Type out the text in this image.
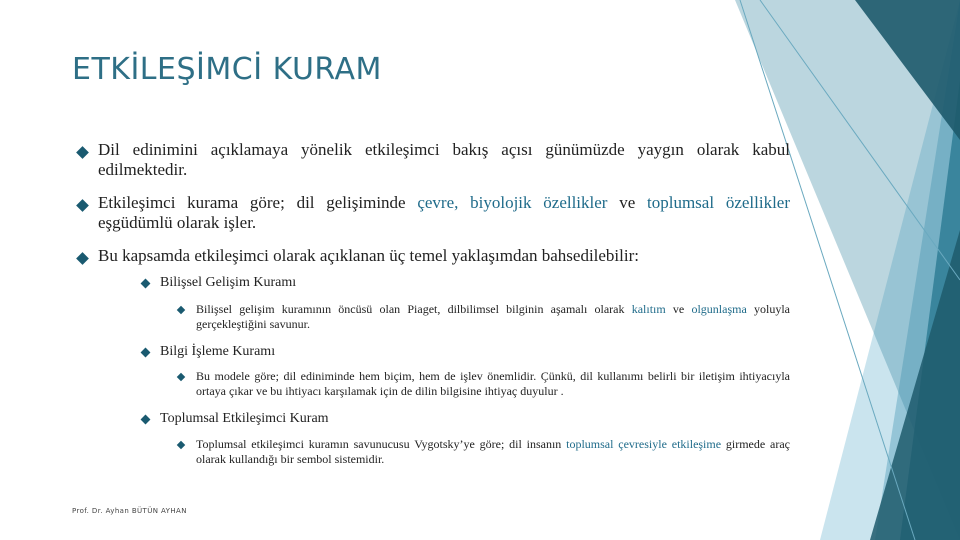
ETKİLEŞİMCİ KURAM
Dil edinimini açıklamaya yönelik etkileşimci bakış açısı günümüzde yaygın olarak kabul edilmektedir.
Etkileşimci kurama göre; dil gelişiminde çevre, biyolojik özellikler ve toplumsal özellikler eşgüdümlü olarak işler.
Bu kapsamda etkileşimci olarak açıklanan üç temel yaklaşımdan bahsedilebilir:
Bilişsel Gelişim Kuramı
Bilişsel gelişim kuramının öncüsü olan Piaget, dilbilimsel bilginin aşamalı olarak kalıtım ve olgunlaşma yoluyla gerçekleştiğini savunur.
Bilgi İşleme Kuramı
Bu modele göre; dil ediniminde hem biçim, hem de işlev önemlidir. Çünkü, dil kullanımı belirli bir iletişim ihtiyacıyla ortaya çıkar ve bu ihtiyacı karşılamak için de dilin bilgisine ihtiyaç duyulur .
Toplumsal Etkileşimci Kuram
Toplumsal etkileşimci kuramın savunucusu Vygotsky’ye göre; dil insanın toplumsal çevresiyle etkileşime girmede araç olarak kullandığı bir sembol sistemidir.
Prof. Dr. Ayhan BÜTÜN AYHAN
